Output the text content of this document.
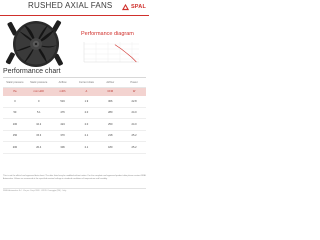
RUSHED AXIAL FANS	SPAL
Performance diagram
Performance chart
Static pressure	Static pressure	Airflow	Current draw	Airflow	Power
Pa	mm H2O	m3/h	A	CFM	W
0	0	519	1.9	306	22.8
50	5.1	476	2.0	280	24.0
100	10.2	424	2.0	250	24.0
150	15.3	370	2.1	218	25.2
200	20.4	306	2.1	180	25.2
This is not the official and approved data sheet. The data listed may be modified without notice. For the complete and approved product data please contact SPAL Automotive. Values are measured at the specified nominal voltage in standard conditions of temperature and humidity.
SPAL Automotive Srl · Via per Carpi 26/B · 42015 Correggio (RE) · Italy
